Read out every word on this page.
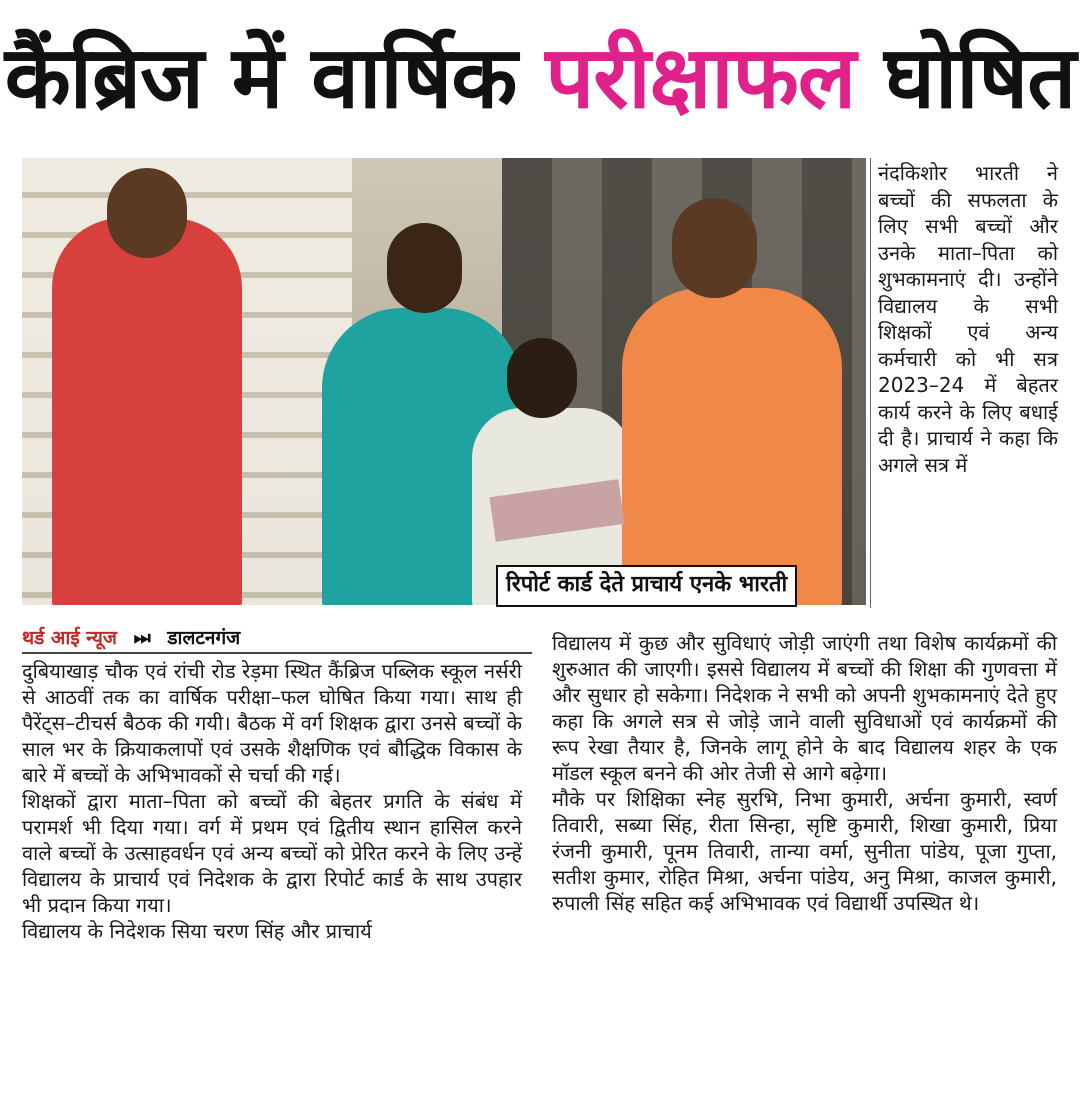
कैंब्रिज में वार्षिक परीक्षाफल घोषित
रिपोर्ट कार्ड देते प्राचार्य एनके भारती

नंदकिशोर भारती ने बच्चों की सफलता के लिए सभी बच्चों और उनके माता–पिता को शुभकामनाएं दी। उन्होंने विद्यालय के सभी शिक्षकों एवं अन्य कर्मचारी को भी सत्र 2023–24 में बेहतर कार्य करने के लिए बधाई दी है। प्राचार्य ने कहा कि अगले सत्र में

थर्ड आई न्यूज ⏭ डालटनगंज

दुबियाखाड़ चौक एवं रांची रोड रेड़मा स्थित कैंब्रिज पब्लिक स्कूल नर्सरी से आठवीं तक का वार्षिक परीक्षा–फल घोषित किया गया। साथ ही पैरेंट्स–टीचर्स बैठक की गयी। बैठक में वर्ग शिक्षक द्वारा उनसे बच्चों के साल भर के क्रियाकलापों एवं उसके शैक्षणिक एवं बौद्धिक विकास के बारे में बच्चों के अभिभावकों से चर्चा की गई।

शिक्षकों द्वारा माता–पिता को बच्चों की बेहतर प्रगति के संबंध में परामर्श भी दिया गया। वर्ग में प्रथम एवं द्वितीय स्थान हासिल करने वाले बच्चों के उत्साहवर्धन एवं अन्य बच्चों को प्रेरित करने के लिए उन्हें विद्यालय के प्राचार्य एवं निदेशक के द्वारा रिपोर्ट कार्ड के साथ उपहार भी प्रदान किया गया।

विद्यालय के निदेशक सिया चरण सिंह और प्राचार्य

विद्यालय में कुछ और सुविधाएं जोड़ी जाएंगी तथा विशेष कार्यक्रमों की शुरुआत की जाएगी। इससे विद्यालय में बच्चों की शिक्षा की गुणवत्ता में और सुधार हो सकेगा। निदेशक ने सभी को अपनी शुभकामनाएं देते हुए कहा कि अगले सत्र से जोड़े जाने वाली सुविधाओं एवं कार्यक्रमों की रूप रेखा तैयार है, जिनके लागू होने के बाद विद्यालय शहर के एक मॉडल स्कूल बनने की ओर तेजी से आगे बढ़ेगा।

मौके पर शिक्षिका स्नेह सुरभि, निभा कुमारी, अर्चना कुमारी, स्वर्ण तिवारी, सब्या सिंह, रीता सिन्हा, सृष्टि कुमारी, शिखा कुमारी, प्रिया रंजनी कुमारी, पूनम तिवारी, तान्या वर्मा, सुनीता पांडेय, पूजा गुप्ता, सतीश कुमार, रोहित मिश्रा, अर्चना पांडेय, अनु मिश्रा, काजल कुमारी, रुपाली सिंह सहित कई अभिभावक एवं विद्यार्थी उपस्थित थे।
